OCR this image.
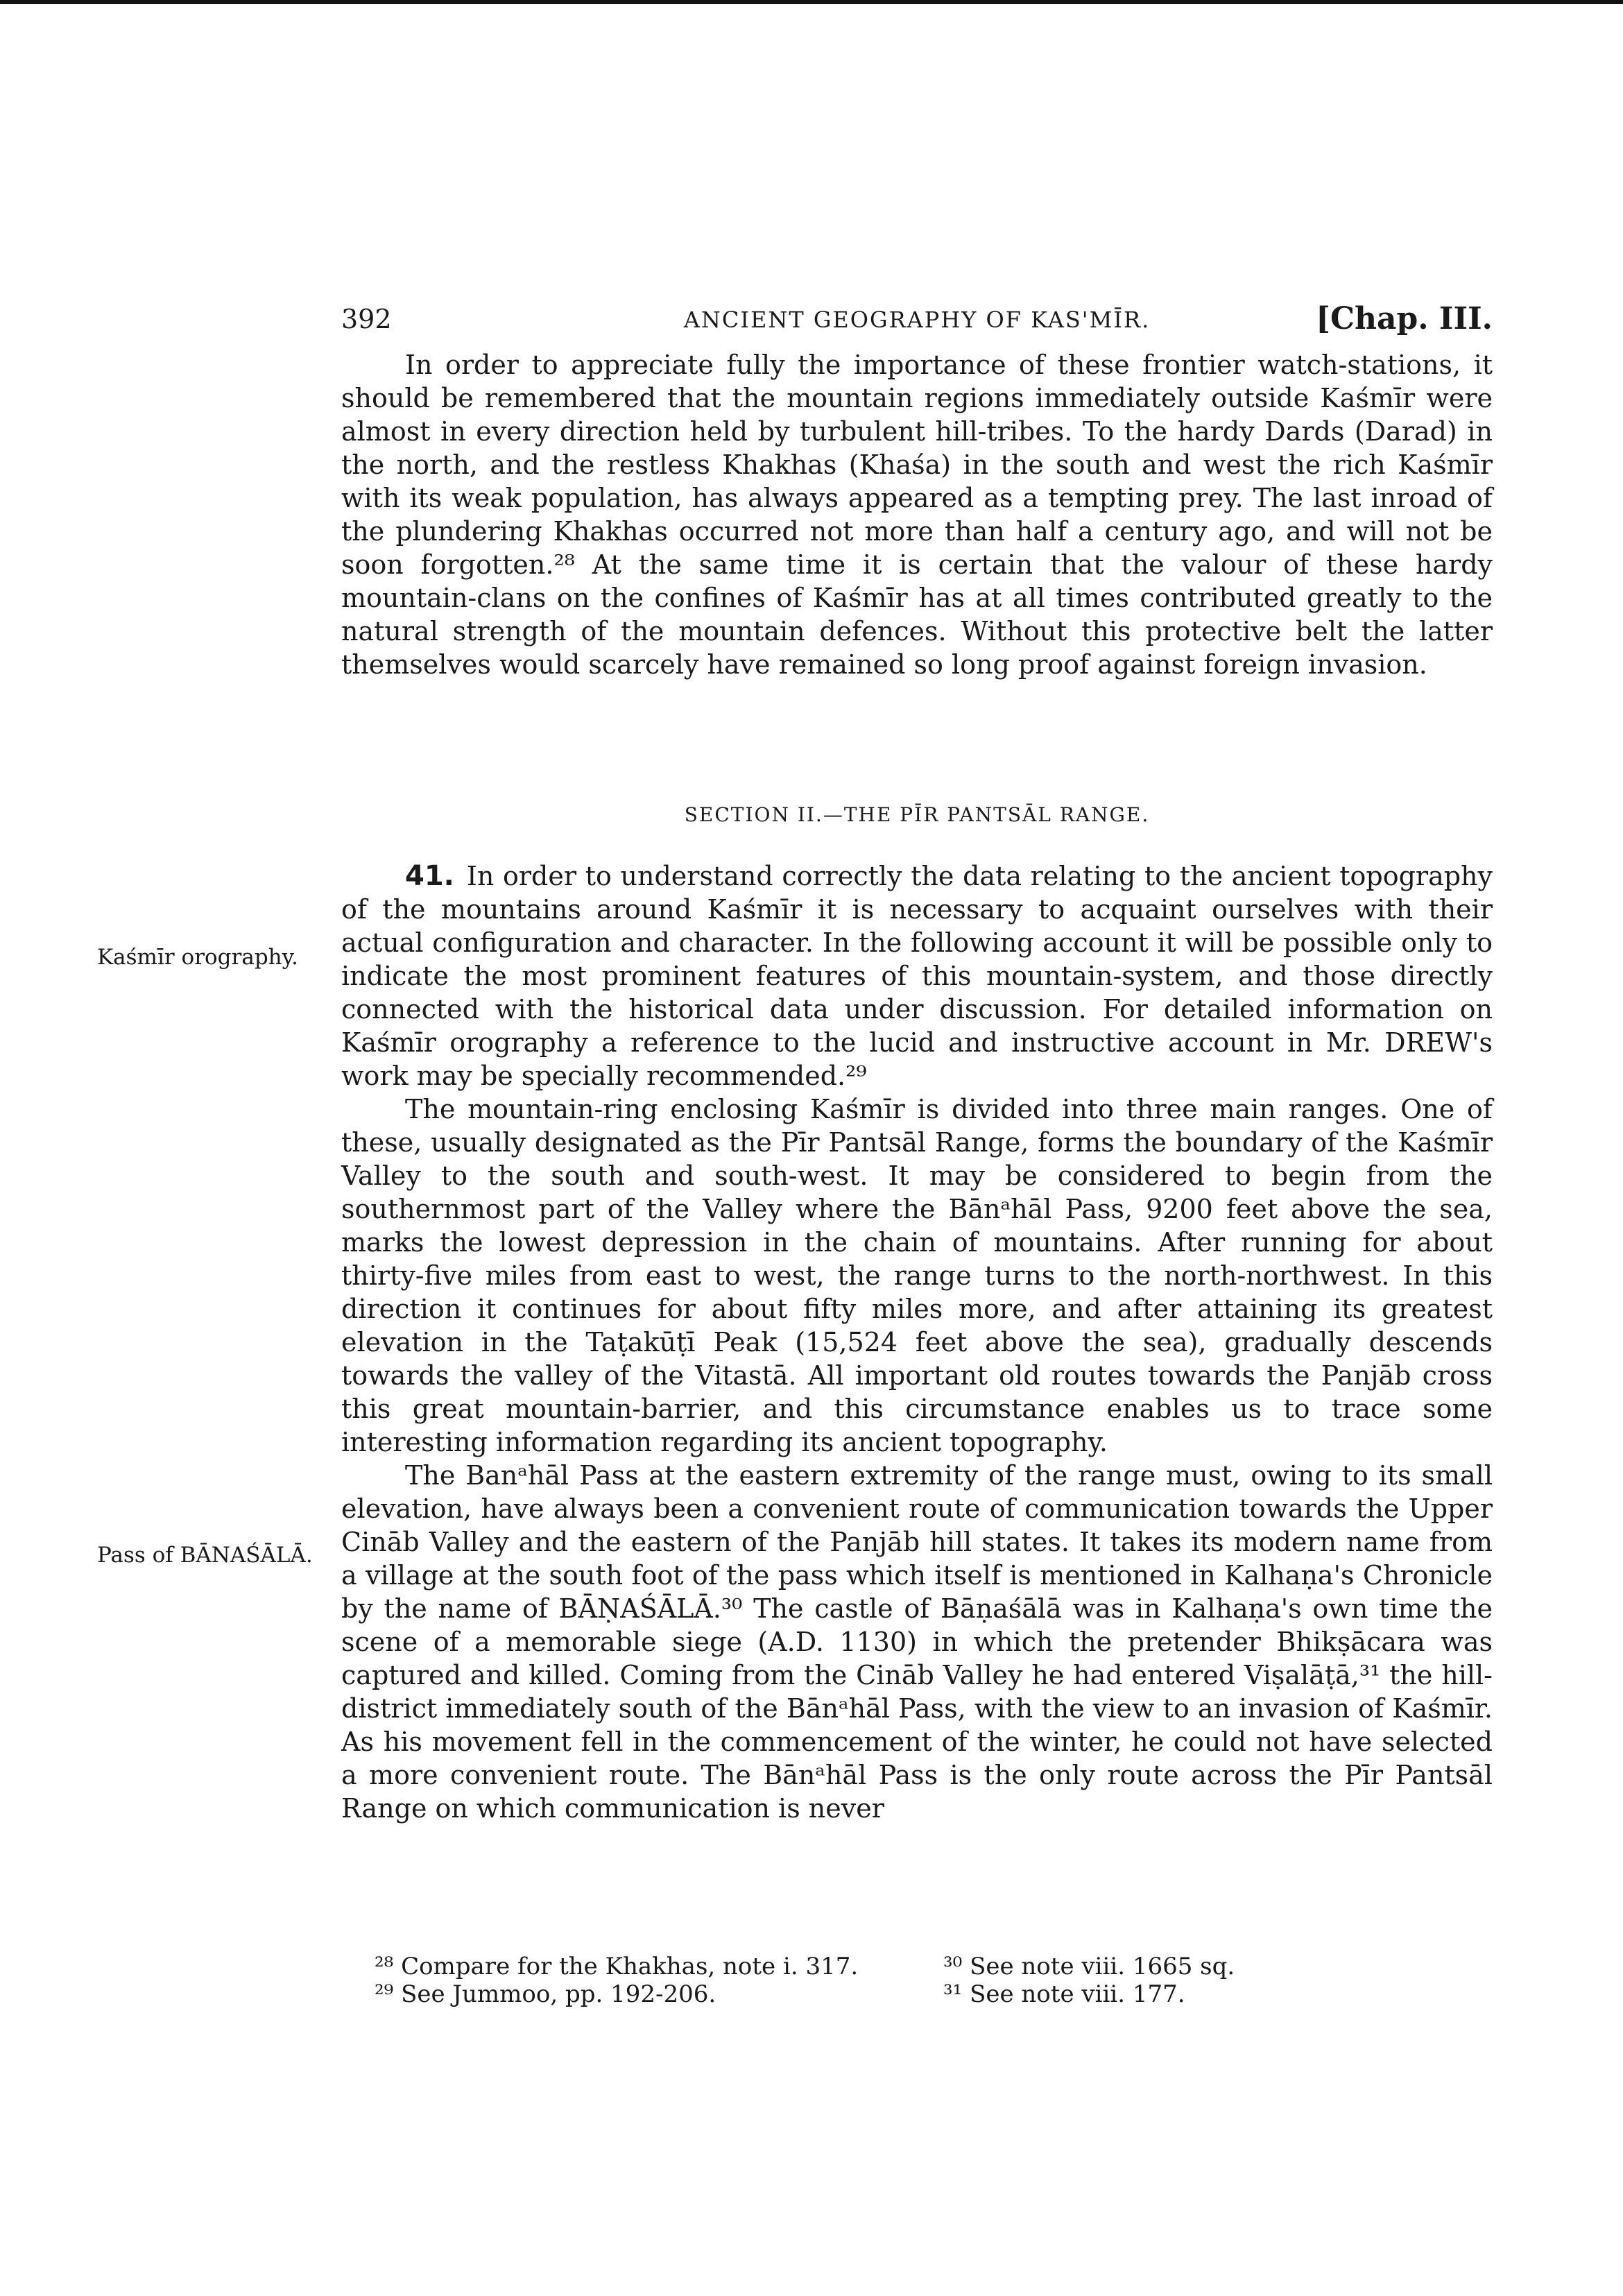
392	ANCIENT GEOGRAPHY OF KAS'MĪR.	[Chap. III.

In order to appreciate fully the importance of these frontier watch-stations, it should be remembered that the mountain regions immediately outside Kaśmīr were almost in every direction held by turbulent hill-tribes. To the hardy Dards (Darad) in the north, and the restless Khakhas (Khaśa) in the south and west the rich Kaśmīr with its weak population, has always appeared as a tempting prey. The last inroad of the plundering Khakhas occurred not more than half a century ago, and will not be soon forgotten.²⁸ At the same time it is certain that the valour of these hardy mountain-clans on the confines of Kaśmīr has at all times contributed greatly to the natural strength of the mountain defences. Without this protective belt the latter themselves would scarcely have remained so long proof against foreign invasion.

SECTION II.—THE PĪR PANTSĀL RANGE.

41. In order to understand correctly the data relating to the ancient topography of the mountains around Kaśmīr it is necessary to acquaint ourselves with their actual configuration and character. In the following account it will be possible only to indicate the most prominent features of this mountain-system, and those directly connected with the historical data under discussion. For detailed information on Kaśmīr orography a reference to the lucid and instructive account in Mr. DREW's work may be specially recommended.²⁹

The mountain-ring enclosing Kaśmīr is divided into three main ranges. One of these, usually designated as the Pīr Pantsāl Range, forms the boundary of the Kaśmīr Valley to the south and south-west. It may be considered to begin from the southernmost part of the Valley where the Bānᵃhāl Pass, 9200 feet above the sea, marks the lowest depression in the chain of mountains. After running for about thirty-five miles from east to west, the range turns to the north-northwest. In this direction it continues for about fifty miles more, and after attaining its greatest elevation in the Taṭakūṭī Peak (15,524 feet above the sea), gradually descends towards the valley of the Vitastā. All important old routes towards the Panjāb cross this great mountain-barrier, and this circumstance enables us to trace some interesting information regarding its ancient topography.

The Banᵃhāl Pass at the eastern extremity of the range must, owing to its small elevation, have always been a convenient route of communication towards the Upper Cināb Valley and the eastern of the Panjāb hill states. It takes its modern name from a village at the south foot of the pass which itself is mentioned in Kalhaṇa's Chronicle by the name of BĀṆAŚĀLĀ.³⁰ The castle of Bāṇaśālā was in Kalhaṇa's own time the scene of a memorable siege (A.D. 1130) in which the pretender Bhikṣācara was captured and killed. Coming from the Cināb Valley he had entered Viṣalāṭā,³¹ the hill-district immediately south of the Bānᵃhāl Pass, with the view to an invasion of Kaśmīr. As his movement fell in the commencement of the winter, he could not have selected a more convenient route. The Bānᵃhāl Pass is the only route across the Pīr Pantsāl Range on which communication is never

Kaśmīr orography.
Pass of BĀNAŚĀLĀ.

²⁸ Compare for the Khakhas, note i. 317.

²⁹ See Jummoo, pp. 192-206.

³⁰ See note viii. 1665 sq.

³¹ See note viii. 177.
